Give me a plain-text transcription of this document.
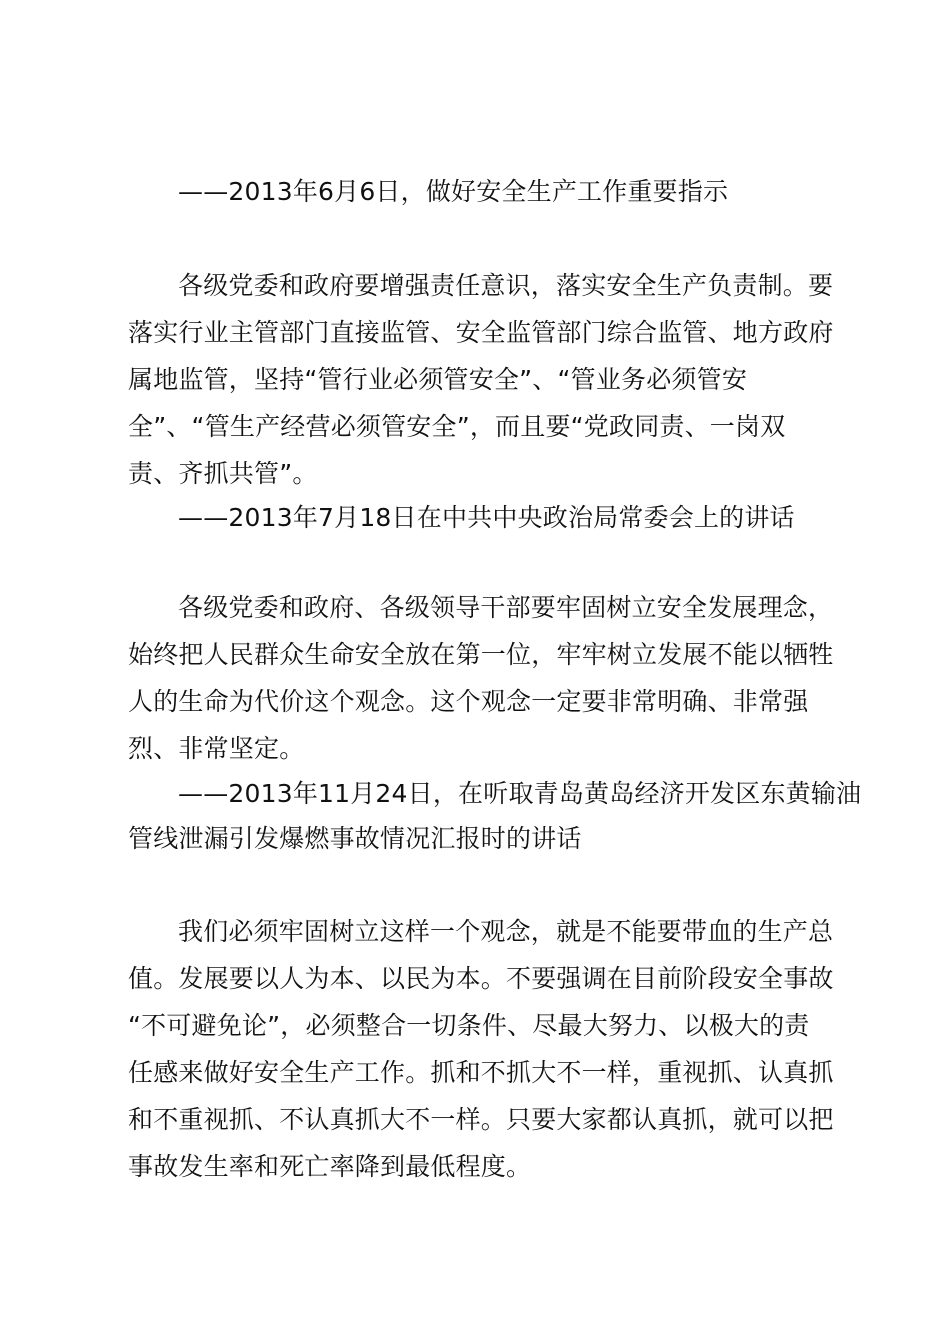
——2013年6月6日，做好安全生产工作重要指示
各级党委和政府要增强责任意识，落实安全生产负责制。要
落实行业主管部门直接监管、安全监管部门综合监管、地方政府
属地监管，坚持“管行业必须管安全”、“管业务必须管安
全”、“管生产经营必须管安全”，而且要“党政同责、一岗双
责、齐抓共管”。
——2013年7月18日在中共中央政治局常委会上的讲话
各级党委和政府、各级领导干部要牢固树立安全发展理念，
始终把人民群众生命安全放在第一位，牢牢树立发展不能以牺牲
人的生命为代价这个观念。这个观念一定要非常明确、非常强
烈、非常坚定。
——2013年11月24日，在听取青岛黄岛经济开发区东黄输油
管线泄漏引发爆燃事故情况汇报时的讲话
我们必须牢固树立这样一个观念，就是不能要带血的生产总
值。发展要以人为本、以民为本。不要强调在目前阶段安全事故
“不可避免论”，必须整合一切条件、尽最大努力、以极大的责
任感来做好安全生产工作。抓和不抓大不一样，重视抓、认真抓
和不重视抓、不认真抓大不一样。只要大家都认真抓，就可以把
事故发生率和死亡率降到最低程度。
